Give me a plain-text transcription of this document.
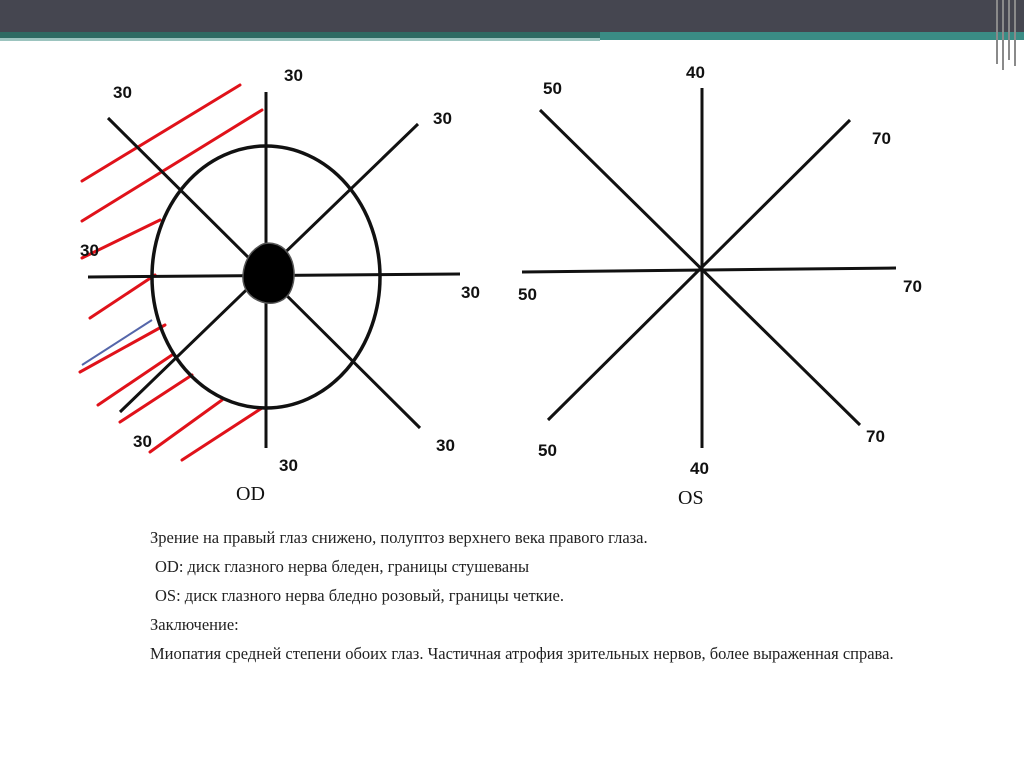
30
30
30
30
30
30
30
30
OD
40
70
70
70
40
50
50
50
OS

Зрение на правый глаз снижено, полуптоз верхнего века правого глаза.

OD: диск глазного нерва бледен, границы стушеваны

OS: диск глазного нерва бледно розовый, границы четкие.

Заключение:

Миопатия средней степени обоих глаз. Частичная атрофия зрительных нервов, более выраженная справа.
